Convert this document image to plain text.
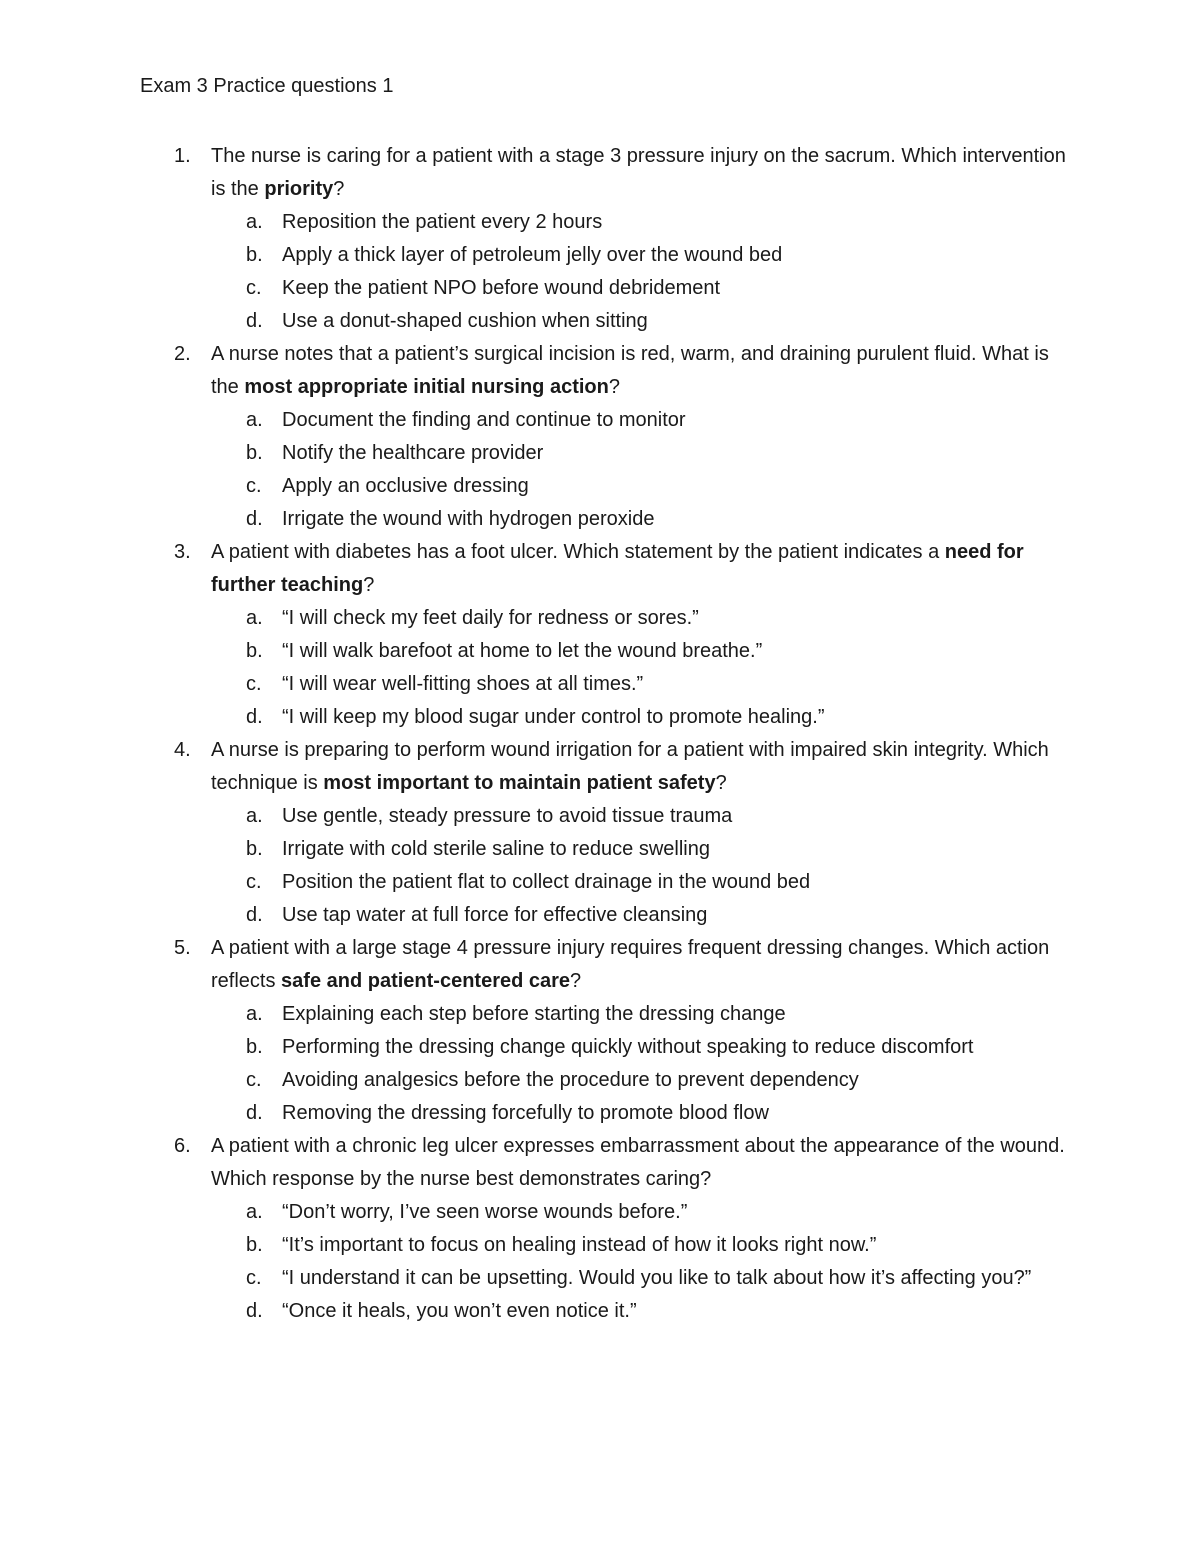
Exam 3 Practice questions 1
1. The nurse is caring for a patient with a stage 3 pressure injury on the sacrum. Which intervention is the priority?
a. Reposition the patient every 2 hours
b. Apply a thick layer of petroleum jelly over the wound bed
c. Keep the patient NPO before wound debridement
d. Use a donut-shaped cushion when sitting
2. A nurse notes that a patient’s surgical incision is red, warm, and draining purulent fluid. What is the most appropriate initial nursing action?
a. Document the finding and continue to monitor
b. Notify the healthcare provider
c. Apply an occlusive dressing
d. Irrigate the wound with hydrogen peroxide
3. A patient with diabetes has a foot ulcer. Which statement by the patient indicates a need for further teaching?
a. “I will check my feet daily for redness or sores.”
b. “I will walk barefoot at home to let the wound breathe.”
c. “I will wear well-fitting shoes at all times.”
d. “I will keep my blood sugar under control to promote healing.”
4. A nurse is preparing to perform wound irrigation for a patient with impaired skin integrity. Which technique is most important to maintain patient safety?
a. Use gentle, steady pressure to avoid tissue trauma
b. Irrigate with cold sterile saline to reduce swelling
c. Position the patient flat to collect drainage in the wound bed
d. Use tap water at full force for effective cleansing
5. A patient with a large stage 4 pressure injury requires frequent dressing changes. Which action reflects safe and patient-centered care?
a. Explaining each step before starting the dressing change
b. Performing the dressing change quickly without speaking to reduce discomfort
c. Avoiding analgesics before the procedure to prevent dependency
d. Removing the dressing forcefully to promote blood flow
6. A patient with a chronic leg ulcer expresses embarrassment about the appearance of the wound. Which response by the nurse best demonstrates caring?
a. “Don’t worry, I’ve seen worse wounds before.”
b. “It’s important to focus on healing instead of how it looks right now.”
c. “I understand it can be upsetting. Would you like to talk about how it’s affecting you?”
d. “Once it heals, you won’t even notice it.”
